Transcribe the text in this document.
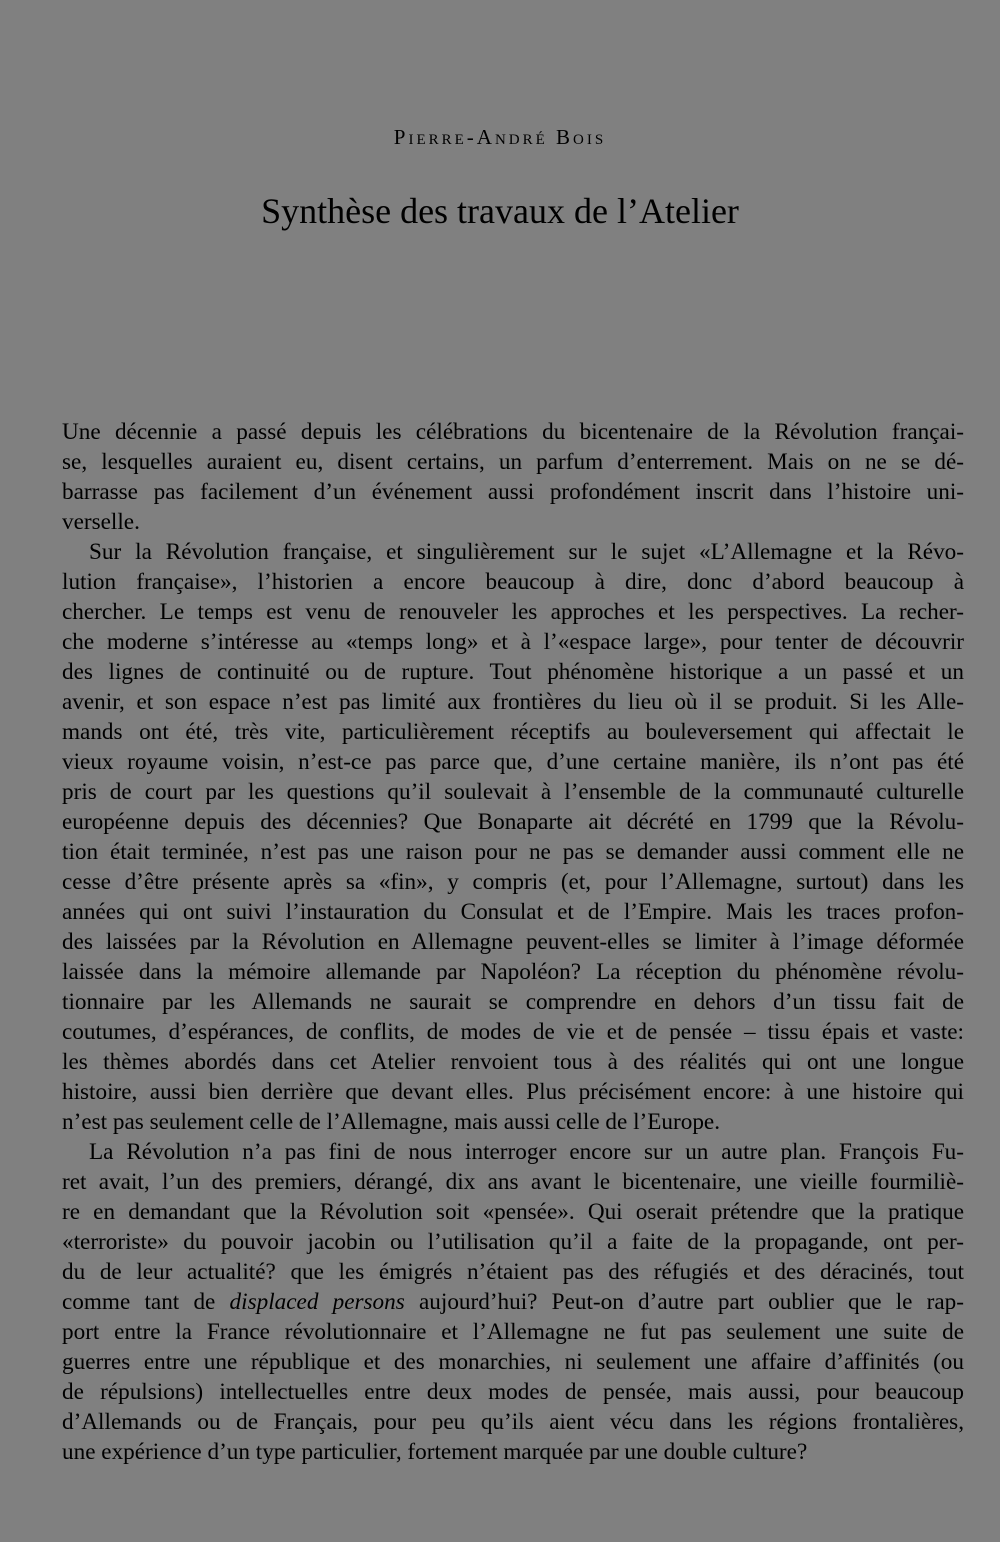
Pierre-André Bois

Synthèse des travaux de l’Atelier
Une décennie a passé depuis les célébrations du bicentenaire de la Révolution françai-
se, lesquelles auraient eu, disent certains, un parfum d’enterrement. Mais on ne se dé-
barrasse pas facilement d’un événement aussi profondément inscrit dans l’histoire uni-
verselle.
Sur la Révolution française, et singulièrement sur le sujet «L’Allemagne et la Révo-
lution française», l’historien a encore beaucoup à dire, donc d’abord beaucoup à
chercher. Le temps est venu de renouveler les approches et les perspectives. La recher-
che moderne s’intéresse au «temps long» et à l’«espace large», pour tenter de découvrir
des lignes de continuité ou de rupture. Tout phénomène historique a un passé et un
avenir, et son espace n’est pas limité aux frontières du lieu où il se produit. Si les Alle-
mands ont été, très vite, particulièrement réceptifs au bouleversement qui affectait le
vieux royaume voisin, n’est-ce pas parce que, d’une certaine manière, ils n’ont pas été
pris de court par les questions qu’il soulevait à l’ensemble de la communauté culturelle
européenne depuis des décennies? Que Bonaparte ait décrété en 1799 que la Révolu-
tion était terminée, n’est pas une raison pour ne pas se demander aussi comment elle ne
cesse d’être présente après sa «fin», y compris (et, pour l’Allemagne, surtout) dans les
années qui ont suivi l’instauration du Consulat et de l’Empire. Mais les traces profon-
des laissées par la Révolution en Allemagne peuvent-elles se limiter à l’image déformée
laissée dans la mémoire allemande par Napoléon? La réception du phénomène révolu-
tionnaire par les Allemands ne saurait se comprendre en dehors d’un tissu fait de
coutumes, d’espérances, de conflits, de modes de vie et de pensée – tissu épais et vaste:
les thèmes abordés dans cet Atelier renvoient tous à des réalités qui ont une longue
histoire, aussi bien derrière que devant elles. Plus précisément encore: à une histoire qui
n’est pas seulement celle de l’Allemagne, mais aussi celle de l’Europe.
La Révolution n’a pas fini de nous interroger encore sur un autre plan. François Fu-
ret avait, l’un des premiers, dérangé, dix ans avant le bicentenaire, une vieille fourmiliè-
re en demandant que la Révolution soit «pensée». Qui oserait prétendre que la pratique
«terroriste» du pouvoir jacobin ou l’utilisation qu’il a faite de la propagande, ont per-
du de leur actualité? que les émigrés n’étaient pas des réfugiés et des déracinés, tout
comme tant de displaced persons aujourd’hui? Peut-on d’autre part oublier que le rap-
port entre la France révolutionnaire et l’Allemagne ne fut pas seulement une suite de
guerres entre une république et des monarchies, ni seulement une affaire d’affinités (ou
de répulsions) intellectuelles entre deux modes de pensée, mais aussi, pour beaucoup
d’Allemands ou de Français, pour peu qu’ils aient vécu dans les régions frontalières,
une expérience d’un type particulier, fortement marquée par une double culture?
